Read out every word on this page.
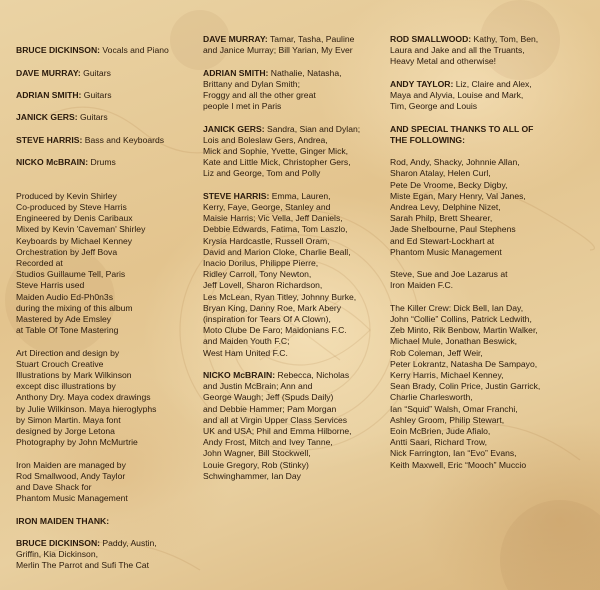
BRUCE DICKINSON: Vocals and Piano

DAVE MURRAY: Guitars

ADRIAN SMITH: Guitars

JANICK GERS: Guitars

STEVE HARRIS: Bass and Keyboards

NICKO McBRAIN: Drums

Produced by Kevin Shirley
Co-produced by Steve Harris
Engineered by Denis Caribaux
Mixed by Kevin 'Caveman' Shirley
Keyboards by Michael Kenney
Orchestration by Jeff Bova
Recorded at
Studios Guillaume Tell, Paris
Steve Harris used
Maiden Audio Ed-Ph0n3s
during the mixing of this album
Mastered by Ade Emsley
at Table Of Tone Mastering
Art Direction and design by
Stuart Crouch Creative
Illustrations by Mark Wilkinson
except disc illustrations by
Anthony Dry. Maya codex drawings
by Julie Wilkinson. Maya hieroglyphs
by Simon Martin. Maya font
designed by Jorge Letona
Photography by John McMurtrie
Iron Maiden are managed by
Rod Smallwood, Andy Taylor
and Dave Shack for
Phantom Music Management
IRON MAIDEN THANK:
BRUCE DICKINSON: Paddy, Austin,
Griffin, Kia Dickinson,
Merlin The Parrot and Sufi The Cat
DAVE MURRAY: Tamar, Tasha, Pauline
and Janice Murray; Bill Yarian, My Ever
ADRIAN SMITH: Nathalie, Natasha,
Brittany and Dylan Smith;
Froggy and all the other great
people I met in Paris
JANICK GERS: Sandra, Sian and Dylan;
Lois and Boleslaw Gers, Andrea,
Mick and Sophie, Yvette, Ginger Mick,
Kate and Little Mick, Christopher Gers,
Liz and George, Tom and Polly
STEVE HARRIS: Emma, Lauren,
Kerry, Faye, George, Stanley and
Maisie Harris; Vic Vella, Jeff Daniels,
Debbie Edwards, Fatima, Tom Laszlo,
Krysia Hardcastle, Russell Oram,
David and Marion Cloke, Charlie Beall,
Inacio Dorilus, Philippe Pierre,
Ridley Carroll, Tony Newton,
Jeff Lovell, Sharon Richardson,
Les McLean, Ryan Titley, Johnny Burke,
Bryan King, Danny Roe, Mark Abery
(inspiration for Tears Of A Clown),
Moto Clube De Faro; Maidonians F.C.
and Maiden Youth F.C;
West Ham United F.C.
NICKO McBRAIN: Rebecca, Nicholas
and Justin McBrain; Ann and
George Waugh; Jeff (Spuds Daily)
and Debbie Hammer; Pam Morgan
and all at Virgin Upper Class Services
UK and USA; Phil and Emma Hilborne,
Andy Frost, Mitch and Ivey Tanne,
John Wagner, Bill Stockwell,
Louie Gregory, Rob (Stinky)
Schwinghammer, Ian Day
ROD SMALLWOOD: Kathy, Tom, Ben,
Laura and Jake and all the Truants,
Heavy Metal and otherwise!
ANDY TAYLOR: Liz, Claire and Alex,
Maya and Alyvia, Louise and Mark,
Tim, George and Louis
AND SPECIAL THANKS TO ALL OF
THE FOLLOWING:
Rod, Andy, Shacky, Johnnie Allan,
Sharon Atalay, Helen Curl,
Pete De Vroome, Becky Digby,
Miste Egan, Mary Henry, Val Janes,
Andrea Levy, Delphine Nizet,
Sarah Philp, Brett Shearer,
Jade Shelbourne, Paul Stephens
and Ed Stewart-Lockhart at
Phantom Music Management
Steve, Sue and Joe Lazarus at
Iron Maiden F.C.
The Killer Crew: Dick Bell, Ian Day,
John “Collie” Collins, Patrick Ledwith,
Zeb Minto, Rik Benbow, Martin Walker,
Michael Mule, Jonathan Beswick,
Rob Coleman, Jeff Weir,
Peter Lokrantz, Natasha De Sampayo,
Kerry Harris, Michael Kenney,
Sean Brady, Colin Price, Justin Garrick,
Charlie Charlesworth,
Ian “Squid” Walsh, Omar Franchi,
Ashley Groom, Philip Stewart,
Eoin McBrien, Jude Afialo,
Antti Saari, Richard Trow,
Nick Farrington, Ian “Evo” Evans,
Keith Maxwell, Eric “Mooch” Muccio
